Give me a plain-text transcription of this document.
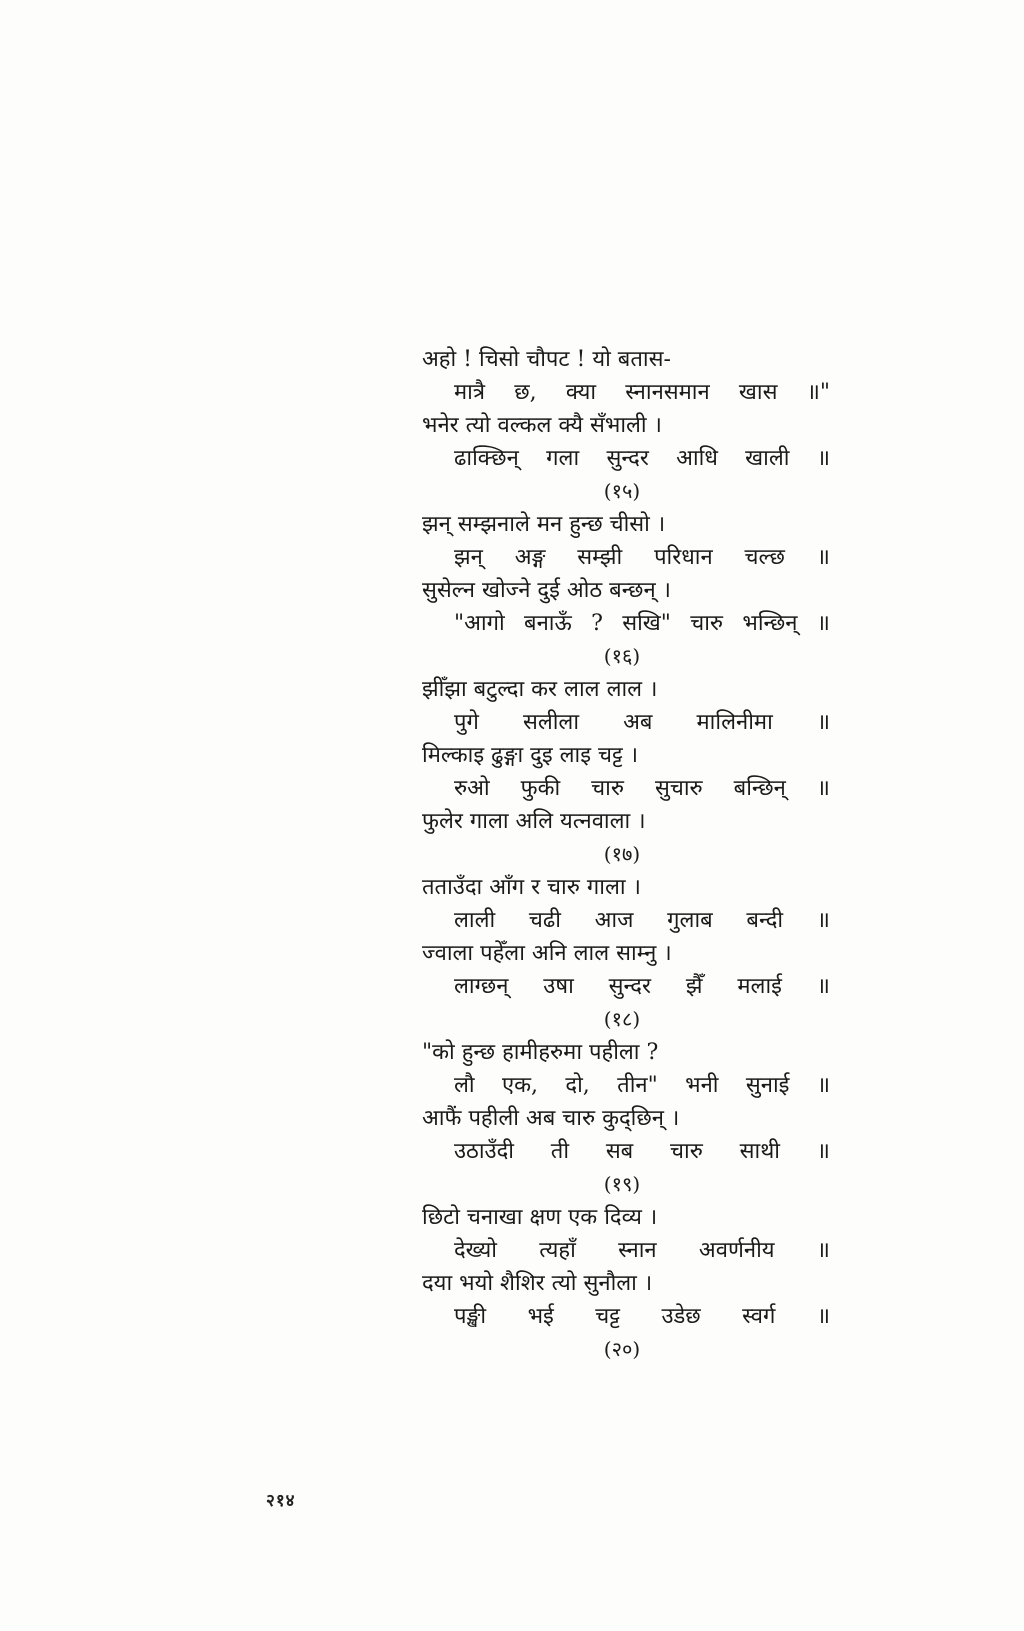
अहो ! चिसो चौपट ! यो बतास-
मात्रै छ, क्या स्नानसमान खास ॥"
भनेर त्यो वल्कल क्यै सँभाली ।
ढाक्छिन् गला सुन्दर आधि खाली ॥
(१५)
झन् सम्झनाले मन हुन्छ चीसो ।
झन् अङ्ग सम्झी परिधान चल्छ ॥
सुसेल्न खोज्ने दुई ओठ बन्छन् ।
"आगो बनाऊँ ? सखि" चारु भन्छिन् ॥
(१६)
झीँझा बटुल्दा कर लाल लाल ।
पुगे सलीला अब मालिनीमा ॥
मिल्काइ ढुङ्गा दुइ लाइ चट्ट ।
रुओ फुकी चारु सुचारु बन्छिन् ॥
फुलेर गाला अलि यत्नवाला ।
(१७)
तताउँदा आँग र चारु गाला ।
लाली चढी आज गुलाब बन्दी ॥
ज्वाला पहेँला अनि लाल साम्नु ।
लाग्छन् उषा सुन्दर झैँ मलाई ॥
(१८)
"को हुन्छ हामीहरुमा पहीला ?
लौ एक, दो, तीन" भनी सुनाई ॥
आफैं पहीली अब चारु कुद्छिन् ।
उठाउँदी ती सब चारु साथी ॥
(१९)
छिटो चनाखा क्षण एक दिव्य ।
देख्यो त्यहाँ स्नान अवर्णनीय ॥
दया भयो शैशिर त्यो सुनौला ।
पङ्खी भई चट्ट उडेछ स्वर्ग ॥
(२०)
२१४
